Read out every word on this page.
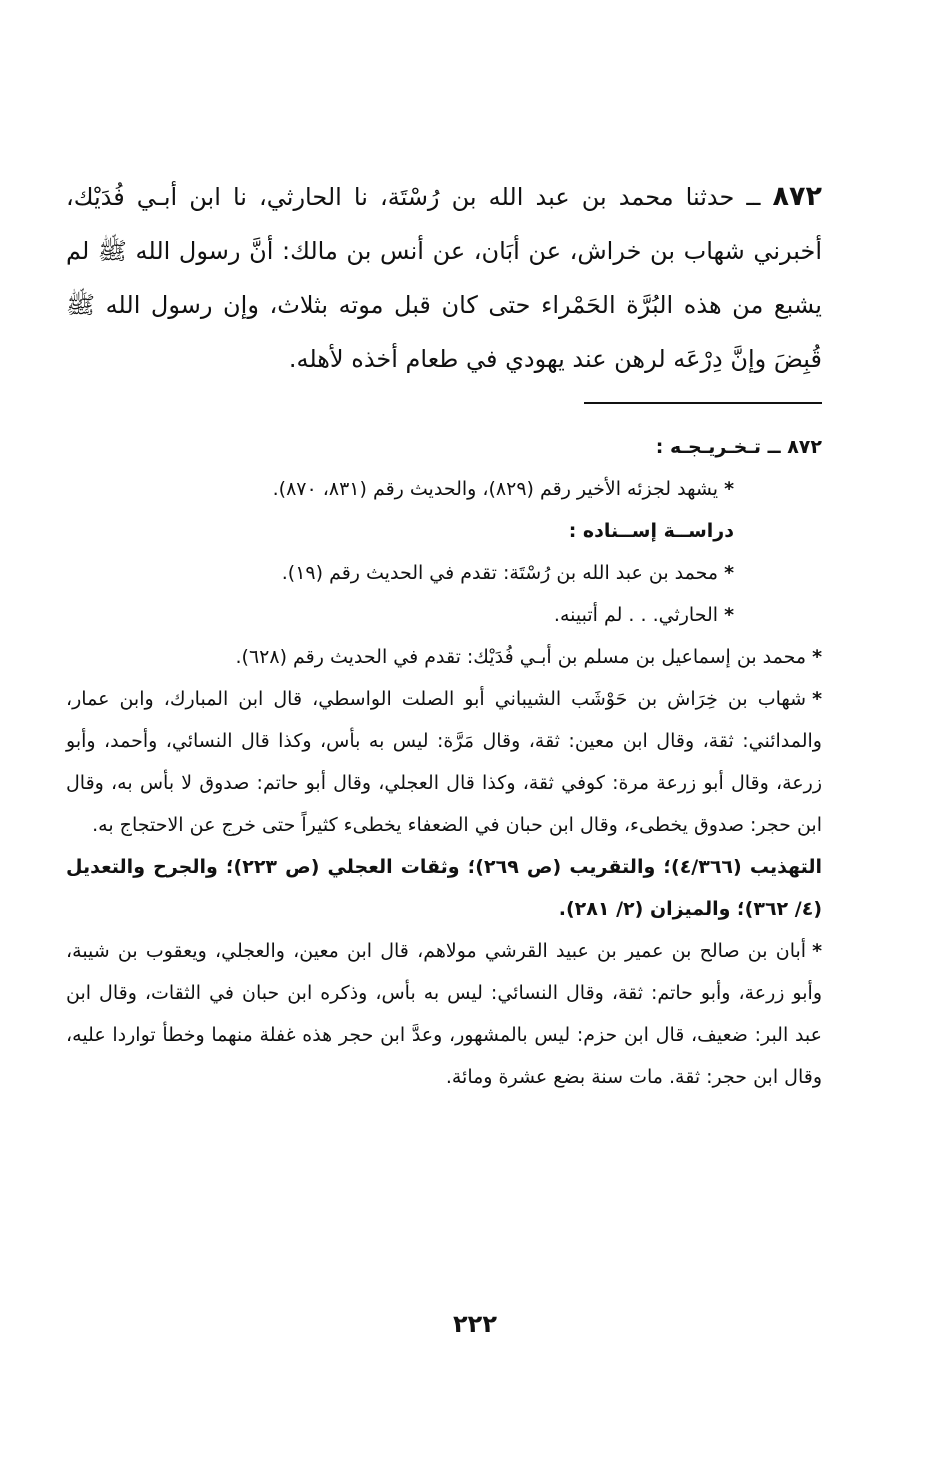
٨٧٢ ــ حدثنا محمد بن عبد الله بن رُسْتَة، نا الحارثي، نا ابن أبـي فُدَيْك، أخبرني شهاب بن خراش، عن أبَان، عن أنس بن مالك: أنَّ رسول الله ﷺ لم يشبع من هذه البُرَّة الحَمْراء حتى كان قبل موته بثلاث، وإن رسول الله ﷺ قُبِضَ وإنَّ دِرْعَه لرهن عند يهودي في طعام أخذه لأهله.

٨٧٢ ــ تـخـريـجـه :

*يشهد لجزئه الأخير رقم (٨٢٩)، والحديث رقم (٨٣١، ٨٧٠).

دراســة إســناده :

*محمد بن عبد الله بن رُسْتَة: تقدم في الحديث رقم (١٩).

*الحارثي. . . لم أتبينه.

*محمد بن إسماعيل بن مسلم بن أبـي فُدَيْك: تقدم في الحديث رقم (٦٢٨).

*شهاب بن خِرَاش بن حَوْشَب الشيباني أبو الصلت الواسطي، قال ابن المبارك، وابن عمار، والمدائني: ثقة، وقال ابن معين: ثقة، وقال مَرَّة: ليس به بأس، وكذا قال النسائي، وأحمد، وأبو زرعة، وقال أبو زرعة مرة: كوفي ثقة، وكذا قال العجلي، وقال أبو حاتم: صدوق لا بأس به، وقال ابن حجر: صدوق يخطىء، وقال ابن حبان في الضعفاء يخطىء كثيراً حتى خرج عن الاحتجاج به.

التهذيب (٤/٣٦٦)؛ والتقريب (ص ٢٦٩)؛ وثقات العجلي (ص ٢٢٣)؛ والجرح والتعديل (٤/ ٣٦٢)؛ والميزان (٢/ ٢٨١).

*أبان بن صالح بن عمير بن عبيد القرشي مولاهم، قال ابن معين، والعجلي، ويعقوب بن شيبة، وأبو زرعة، وأبو حاتم: ثقة، وقال النسائي: ليس به بأس، وذكره ابن حبان في الثقات، وقال ابن عبد البر: ضعيف، قال ابن حزم: ليس بالمشهور، وعدَّ ابن حجر هذه غفلة منهما وخطأ تواردا عليه، وقال ابن حجر: ثقة. مات سنة بضع عشرة ومائة.

٢٢٢
